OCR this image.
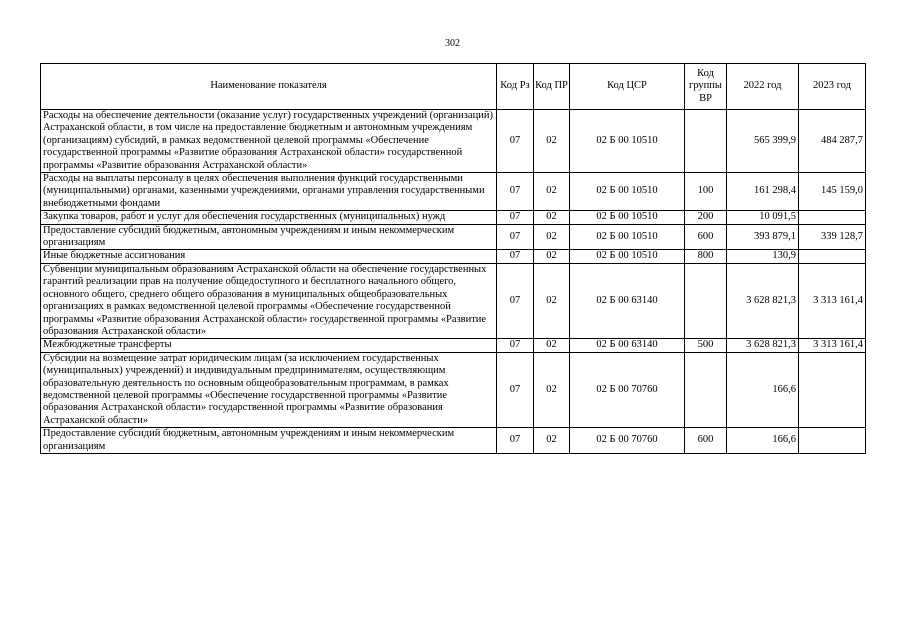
302
Наименование показателя	Код Рз	Код ПР	Код ЦСР	Код группы ВР	2022 год	2023 год
Расходы на обеспечение деятельности (оказание услуг) государственных учреждений (организаций) Астраханской области, в том числе на предоставление бюджетным и автономным учреждениям (организациям) субсидий, в рамках ведомственной целевой программы «Обеспечение государственной программы «Развитие образования Астраханской области» государственной программы «Развитие образования Астраханской области»	07	02	02 Б 00 10510		565 399,9	484 287,7
Расходы на выплаты персоналу в целях обеспечения выполнения функций государственными (муниципальными) органами, казенными учреждениями, органами управления государственными внебюджетными фондами	07	02	02 Б 00 10510	100	161 298,4	145 159,0
Закупка товаров, работ и услуг для обеспечения государственных (муниципальных) нужд	07	02	02 Б 00 10510	200	10 091,5	
Предоставление субсидий бюджетным, автономным учреждениям и иным некоммерческим организациям	07	02	02 Б 00 10510	600	393 879,1	339 128,7
Иные бюджетные ассигнования	07	02	02 Б 00 10510	800	130,9	
Субвенции муниципальным образованиям Астраханской области на обеспечение государственных гарантий реализации прав на получение общедоступного и бесплатного начального общего, основного общего, среднего общего образования в муниципальных общеобразовательных организациях в рамках ведомственной целевой программы «Обеспечение государственной программы «Развитие образования Астраханской области» государственной программы «Развитие образования Астраханской области»	07	02	02 Б 00 63140		3 628 821,3	3 313 161,4
Межбюджетные трансферты	07	02	02 Б 00 63140	500	3 628 821,3	3 313 161,4
Субсидии на возмещение затрат юридическим лицам (за исключением государственных (муниципальных) учреждений) и индивидуальным предпринимателям, осуществляющим образовательную деятельность по основным общеобразовательным программам, в рамках ведомственной целевой программы «Обеспечение государственной программы «Развитие образования Астраханской области» государственной программы «Развитие образования Астраханской области»	07	02	02 Б 00 70760		166,6	
Предоставление субсидий бюджетным, автономным учреждениям и иным некоммерческим организациям	07	02	02 Б 00 70760	600	166,6	
